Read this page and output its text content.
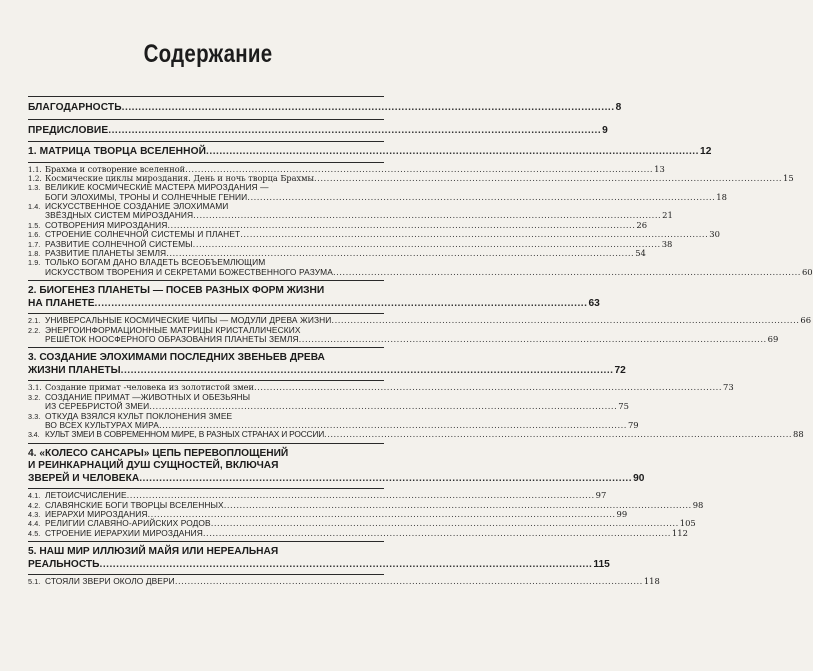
Содержание
БЛАГОДАРНОСТЬ .....	8
ПРЕДИСЛОВИЕ .....	9
1. МАТРИЦА ТВОРЦА ВСЕЛЕННОЙ .....	12
1.1. Брахма и сотворение вселенной .....	13
1.2. Космические циклы мироздания. День и ночь творца Брахмы .....	15
1.3. ВЕЛИКИЕ КОСМИЧЕСКИЕ МАСТЕРА МИРОЗДАНИЯ —
БОГИ ЭЛОХИМЫ, ТРОНЫ И СОЛНЕЧНЫЕ ГЕНИИ .....	18
1.4. ИСКУССТВЕННОЕ СОЗДАНИЕ ЭЛОХИМАМИ
ЗВЁЗДНЫХ СИСТЕМ МИРОЗДАНИЯ .....	21
1.5. СОТВОРЕНИЯ МИРОЗДАНИЯ .....	26
1.6. СТРОЕНИЕ СОЛНЕЧНОЙ СИСТЕМЫ И ПЛАНЕТ .....	30
1.7. РАЗВИТИЕ СОЛНЕЧНОЙ СИСТЕМЫ .....	38
1.8. РАЗВИТИЕ ПЛАНЕТЫ ЗЕМЛЯ .....	54
1.9. ТОЛЬКО БОГАМ ДАНО ВЛАДЕТЬ ВСЕОБЪЕМЛЮЩИМ
ИСКУССТВОМ ТВОРЕНИЯ И СЕКРЕТАМИ БОЖЕСТВЕННОГО РАЗУМА .....	60
2. БИОГЕНЕЗ ПЛАНЕТЫ — ПОСЕВ РАЗНЫХ ФОРМ ЖИЗНИ
НА ПЛАНЕТЕ .....	63
2.1. УНИВЕРСАЛЬНЫЕ КОСМИЧЕСКИЕ ЧИПЫ — МОДУЛИ ДРЕВА ЖИЗНИ .....	66
2.2. ЭНЕРГОИНФОРМАЦИОННЫЕ МАТРИЦЫ КРИСТАЛЛИЧЕСКИХ
РЕШЁТОК НООСФЕРНОГО ОБРАЗОВАНИЯ ПЛАНЕТЫ ЗЕМЛЯ .....	69
3. СОЗДАНИЕ ЭЛОХИМАМИ ПОСЛЕДНИХ ЗВЕНЬЕВ ДРЕВА
ЖИЗНИ ПЛАНЕТЫ .....	72
3.1. Создание примат -человека из золотистой змеи .....	73
3.2. СОЗДАНИЕ ПРИМАТ —ЖИВОТНЫХ И ОБЕЗЬЯНЫ
ИЗ СЕРЕБРИСТОЙ ЗМЕИ .....	75
3.3. ОТКУДА ВЗЯЛСЯ КУЛЬТ ПОКЛОНЕНИЯ ЗМЕЕ
ВО ВСЕХ КУЛЬТУРАХ МИРА .....	79
3.4. КУЛЬТ ЗМЕИ В СОВРЕМЕННОМ МИРЕ, В РАЗНЫХ СТРАНАХ И РОССИИ .....	88
4. «КОЛЕСО САНСАРЫ» ЦЕПЬ ПЕРЕВОПЛОЩЕНИЙ
И РЕИНКАРНАЦИЙ ДУШ СУЩНОСТЕЙ, ВКЛЮЧАЯ
ЗВЕРЕЙ И ЧЕЛОВЕКА .....	90
4.1. ЛЕТОИСЧИСЛЕНИЕ .....	97
4.2. СЛАВЯНСКИЕ БОГИ ТВОРЦЫ ВСЕЛЕННЫХ .....	98
4.3. ИЕРАРХИ МИРОЗДАНИЯ .....	99
4.4. РЕЛИГИИ СЛАВЯНО-АРИЙСКИХ РОДОВ .....	105
4.5. СТРОЕНИЕ ИЕРАРХИИ МИРОЗДАНИЯ .....	112
5. НАШ МИР ИЛЛЮЗИЙ МАЙЯ ИЛИ НЕРЕАЛЬНАЯ
РЕАЛЬНОСТЬ .....	115
5.1. СТОЯЛИ ЗВЕРИ ОКОЛО ДВЕРИ .....	118
